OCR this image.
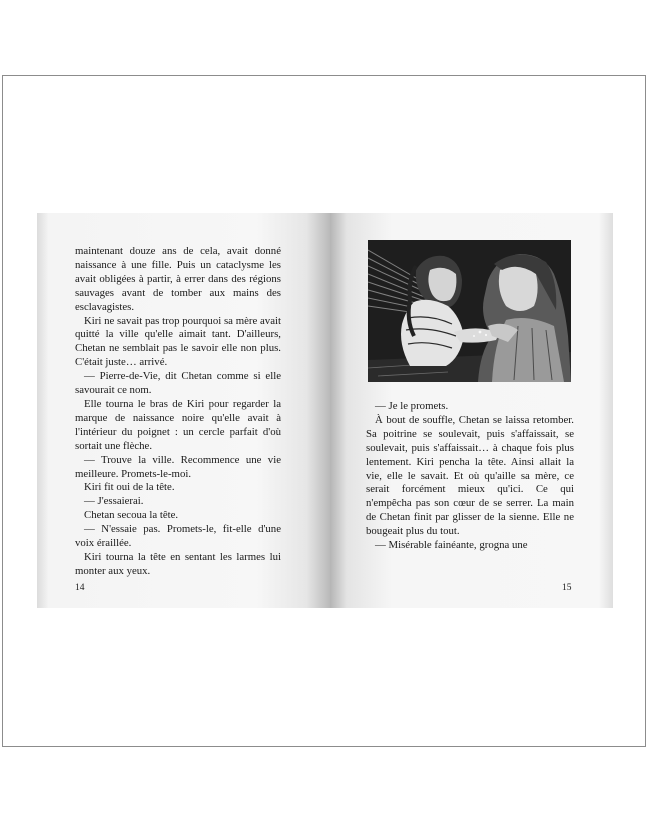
maintenant douze ans de cela, avait donné naissance à une fille. Puis un cataclysme les avait obligées à partir, à errer dans des régions sauvages avant de tomber aux mains des esclavagistes.

Kiri ne savait pas trop pourquoi sa mère avait quitté la ville qu'elle aimait tant. D'ailleurs, Chetan ne semblait pas le savoir elle non plus. C'était juste… arrivé.

— Pierre-de-Vie, dit Chetan comme si elle savourait ce nom.

Elle tourna le bras de Kiri pour regarder la marque de naissance noire qu'elle avait à l'intérieur du poignet : un cercle parfait d'où sortait une flèche.

— Trouve la ville. Recommence une vie meilleure. Promets-le-moi.

Kiri fit oui de la tête.

— J'essaierai.

Chetan secoua la tête.

— N'essaie pas. Promets-le, fit-elle d'une voix éraillée.

Kiri tourna la tête en sentant les larmes lui monter aux yeux.

14

— Je le promets.

À bout de souffle, Chetan se laissa retomber. Sa poitrine se soulevait, puis s'affaissait, se soulevait, puis s'affaissait… à chaque fois plus lentement. Kiri pencha la tête. Ainsi allait la vie, elle le savait. Et où qu'aille sa mère, ce serait forcément mieux qu'ici. Ce qui n'empêcha pas son cœur de se serrer. La main de Chetan finit par glisser de la sienne. Elle ne bougeait plus du tout.

— Misérable fainéante, grogna une

15
